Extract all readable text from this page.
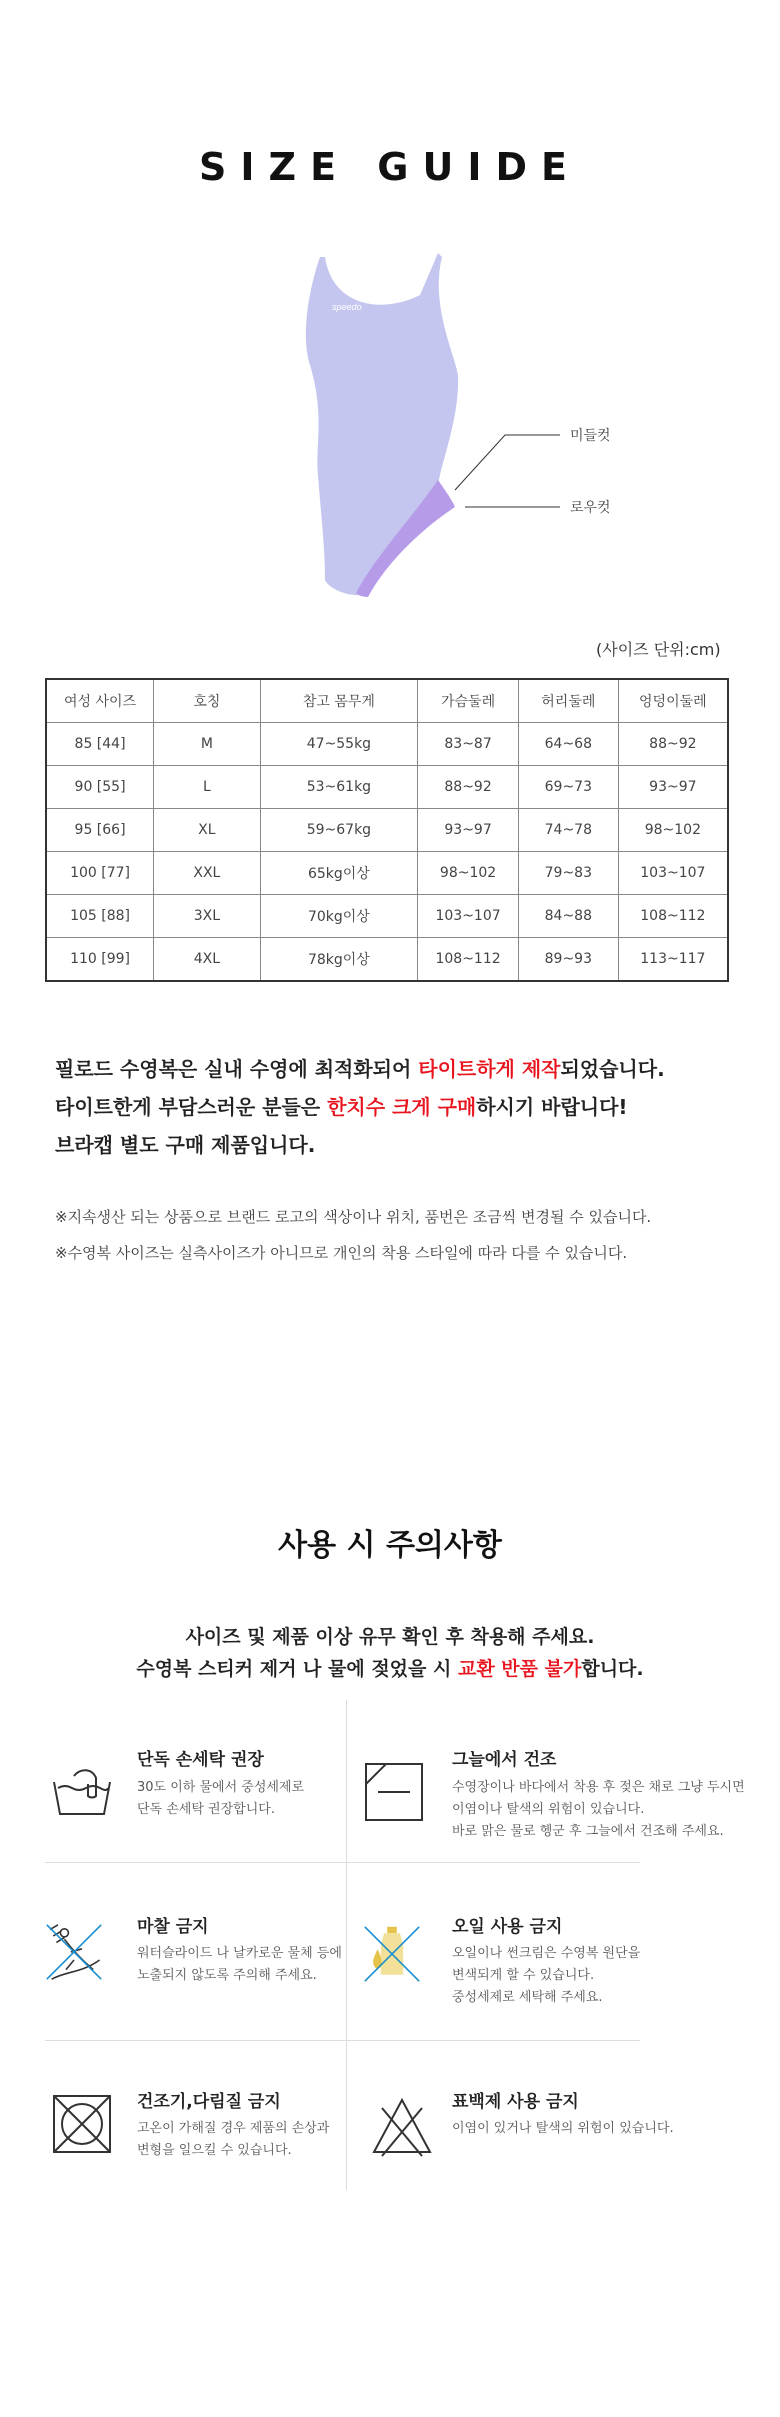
SIZE GUIDE
speedo
미들컷
로우컷
(사이즈 단위:cm)
여성 사이즈	호칭	참고 몸무게	가슴둘레	허리둘레	엉덩이둘레
85 [44]	M	47~55kg	83~87	64~68	88~92
90 [55]	L	53~61kg	88~92	69~73	93~97
95 [66]	XL	59~67kg	93~97	74~78	98~102
100 [77]	XXL	65kg이상	98~102	79~83	103~107
105 [88]	3XL	70kg이상	103~107	84~88	108~112
110 [99]	4XL	78kg이상	108~112	89~93	113~117
필로드 수영복은 실내 수영에 최적화되어 타이트하게 제작되었습니다.
타이트한게 부담스러운 분들은 한치수 크게 구매하시기 바랍니다!
브라캡 별도 구매 제품입니다.
※지속생산 되는 상품으로 브랜드 로고의 색상이나 위치, 품번은 조금씩 변경될 수 있습니다.
※수영복 사이즈는 실측사이즈가 아니므로 개인의 착용 스타일에 따라 다를 수 있습니다.
사용 시 주의사항
사이즈 및 제품 이상 유무 확인 후 착용해 주세요.
수영복 스티커 제거 나 물에 젖었을 시 교환 반품 불가합니다.
단독 손세탁 권장
30도 이하 물에서 중성세제로
단독 손세탁 권장합니다.
그늘에서 건조
수영장이나 바다에서 착용 후 젖은 채로 그냥 두시면
이염이나 탈색의 위험이 있습니다.
바로 맑은 물로 헹군 후 그늘에서 건조해 주세요.
마찰 금지
워터슬라이드 나 날카로운 물체 등에
노출되지 않도록 주의해 주세요.
오일 사용 금지
오일이나 썬크림은 수영복 원단을
변색되게 할 수 있습니다.
중성세제로 세탁해 주세요.
건조기,다림질 금지
고온이 가해질 경우 제품의 손상과
변형을 일으킬 수 있습니다.
표백제 사용 금지
이염이 있거나 탈색의 위험이 있습니다.
